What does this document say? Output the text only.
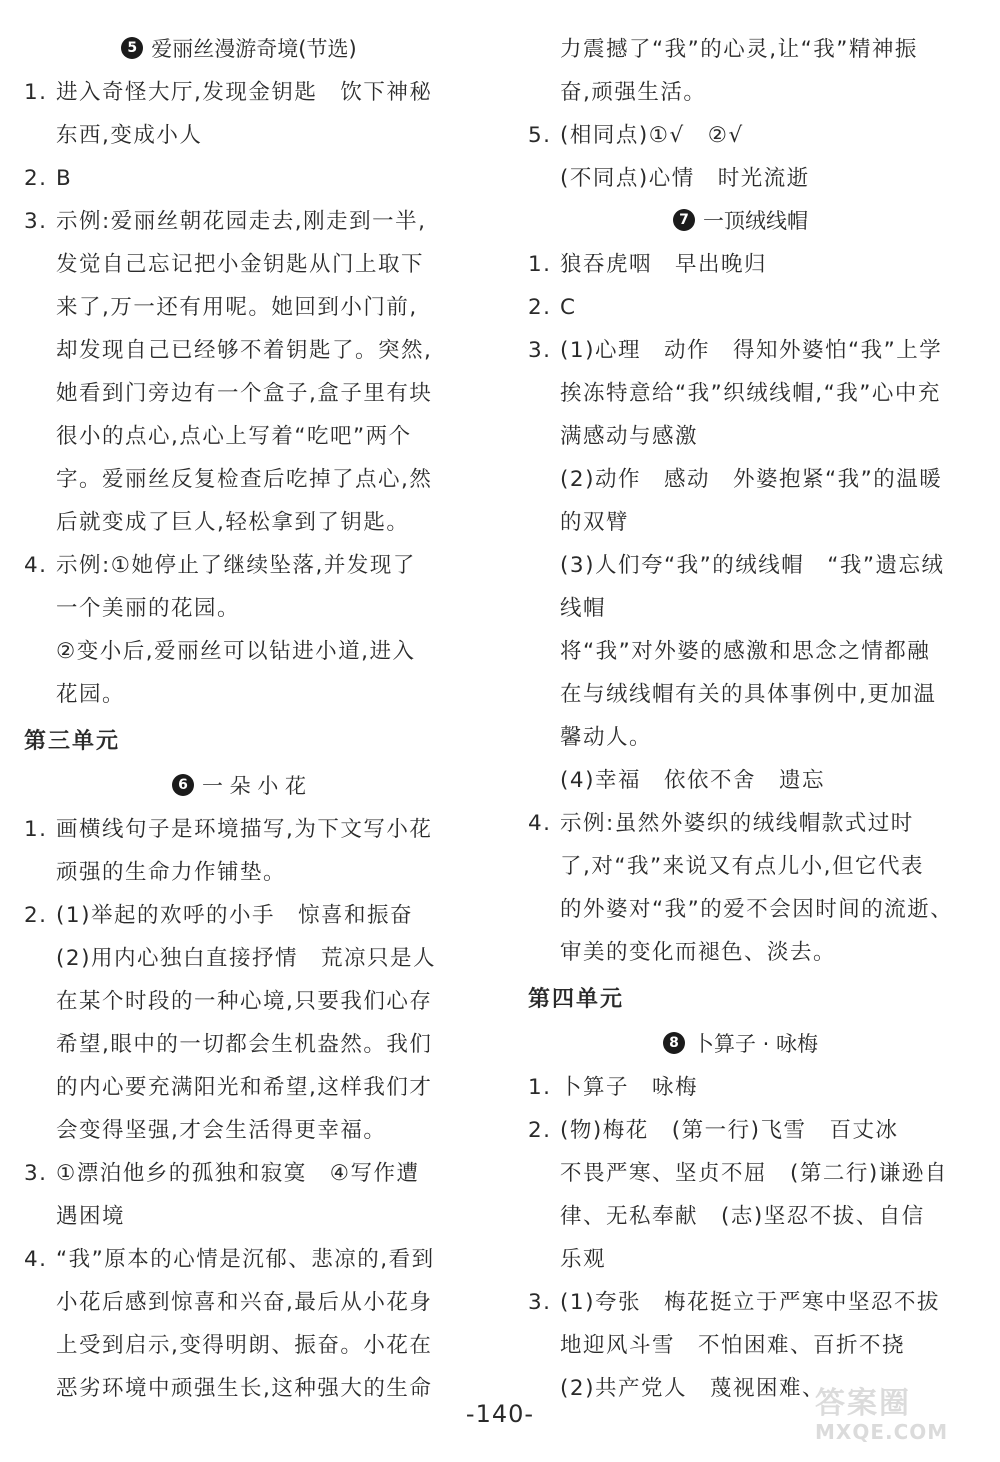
5 爱丽丝漫游奇境(节选)
1. 进入奇怪大厅,发现金钥匙　饮下神秘
东西,变成小人
2. B
3. 示例:爱丽丝朝花园走去,刚走到一半,
发觉自己忘记把小金钥匙从门上取下
来了,万一还有用呢。她回到小门前,
却发现自己已经够不着钥匙了。突然,
她看到门旁边有一个盒子,盒子里有块
很小的点心,点心上写着“吃吧”两个
字。爱丽丝反复检查后吃掉了点心,然
后就变成了巨人,轻松拿到了钥匙。
4. 示例:①她停止了继续坠落,并发现了
一个美丽的花园。
②变小后,爱丽丝可以钻进小道,进入
花园。
第三单元
6 一 朵 小 花
1. 画横线句子是环境描写,为下文写小花
顽强的生命力作铺垫。
2. (1)举起的欢呼的小手　惊喜和振奋
(2)用内心独白直接抒情　荒凉只是人
在某个时段的一种心境,只要我们心存
希望,眼中的一切都会生机盎然。我们
的内心要充满阳光和希望,这样我们才
会变得坚强,才会生活得更幸福。
3. ①漂泊他乡的孤独和寂寞　④写作遭
遇困境
4. “我”原本的心情是沉郁、悲凉的,看到
小花后感到惊喜和兴奋,最后从小花身
上受到启示,变得明朗、振奋。小花在
恶劣环境中顽强生长,这种强大的生命
力震撼了“我”的心灵,让“我”精神振
奋,顽强生活。
5. (相同点)①√　②√
(不同点)心情　时光流逝
7 一顶绒线帽
1. 狼吞虎咽　早出晚归
2. C
3. (1)心理　动作　得知外婆怕“我”上学
挨冻特意给“我”织绒线帽,“我”心中充
满感动与感激
(2)动作　感动　外婆抱紧“我”的温暖
的双臂
(3)人们夸“我”的绒线帽　“我”遗忘绒
线帽
将“我”对外婆的感激和思念之情都融
在与绒线帽有关的具体事例中,更加温
馨动人。
(4)幸福　依依不舍　遗忘
4. 示例:虽然外婆织的绒线帽款式过时
了,对“我”来说又有点儿小,但它代表
的外婆对“我”的爱不会因时间的流逝、
审美的变化而褪色、淡去。
第四单元
8 卜算子 · 咏梅
1. 卜算子　咏梅
2. (物)梅花　(第一行)飞雪　百丈冰
不畏严寒、坚贞不屈　(第二行)谦逊自
律、无私奉献　(志)坚忍不拔、自信
乐观
3. (1)夸张　梅花挺立于严寒中坚忍不拔
地迎风斗雪　不怕困难、百折不挠
(2)共产党人　蔑视困难、
-140-	答案圈
MXQE.COM
